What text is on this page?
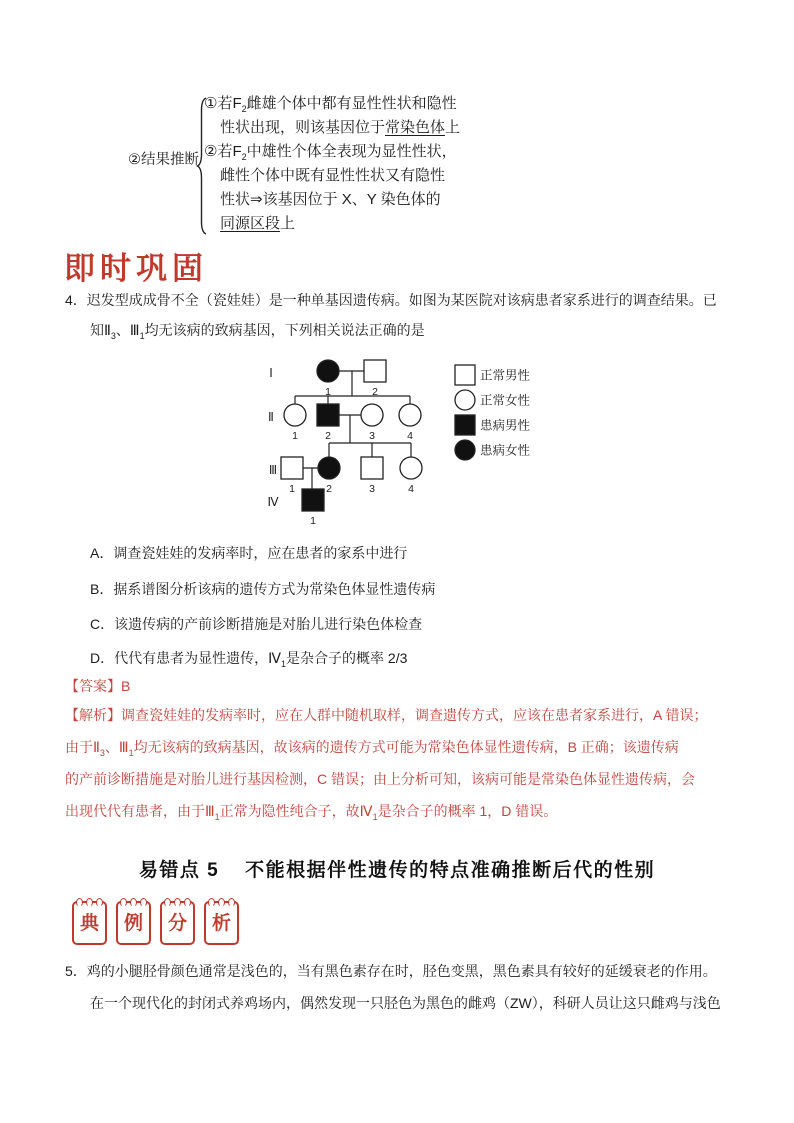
②结果推断
①若$F_2$雌雄个体中都有显性性状和隐性
性状出现，则该基因位于常染色体上
②若$F_2$中雄性个体全表现为显性性状，
雌性个体中既有显性性状又有隐性
性状⇒该基因位于 X、Y 染色体的
同源区段上
即时巩固
4．迟发型成成骨不全（瓷娃娃）是一种单基因遗传病。如图为某医院对该病患者家系进行的调查结果。已
知$Ⅱ_3$、$Ⅲ_1$均无该病的致病基因，下列相关说法正确的是
1	2
1	2	3	4
1	2	3	4
1
Ⅰ
Ⅱ
Ⅲ
Ⅳ
正常男性
正常女性
患病男性
患病女性
A．调查瓷娃娃的发病率时，应在患者的家系中进行
B．据系谱图分析该病的遗传方式为常染色体显性遗传病
C．该遗传病的产前诊断措施是对胎儿进行染色体检查
D．代代有患者为显性遗传，$Ⅳ_1$是杂合子的概率 2/3
【答案】B
【解析】调查瓷娃娃的发病率时，应在人群中随机取样，调查遗传方式，应该在患者家系进行，A 错误；
由于$Ⅱ_3$、$Ⅲ_1$均无该病的致病基因，故该病的遗传方式可能为常染色体显性遗传病，B 正确；该遗传病
的产前诊断措施是对胎儿进行基因检测，C 错误；由上分析可知，该病可能是常染色体显性遗传病，会
出现代代有患者，由于$Ⅲ_1$正常为隐性纯合子，故$Ⅳ_1$是杂合子的概率 1，D 错误。
易错点 5 不能根据伴性遗传的特点准确推断后代的性别
典 例 分 析
5．鸡的小腿胫骨颜色通常是浅色的，当有黑色素存在时，胫色变黑，黑色素具有较好的延缓衰老的作用。
在一个现代化的封闭式养鸡场内，偶然发现一只胫色为黑色的雌鸡（ZW），科研人员让这只雌鸡与浅色
